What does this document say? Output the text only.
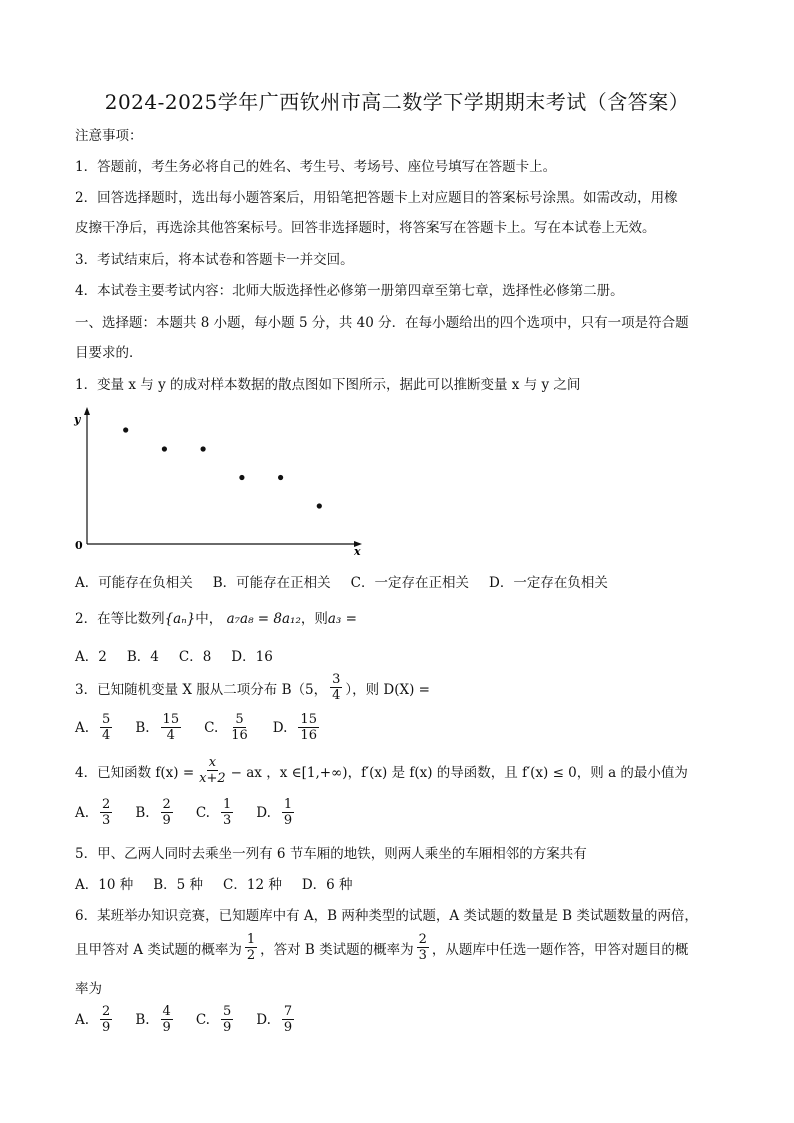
2024-2025学年广西钦州市高二数学下学期期末考试（含答案）
注意事项：
1．答题前，考生务必将自己的姓名、考生号、考场号、座位号填写在答题卡上。
2．回答选择题时，选出每小题答案后，用铅笔把答题卡上对应题目的答案标号涂黑。如需改动，用橡
皮擦干净后，再选涂其他答案标号。回答非选择题时，将答案写在答题卡上。写在本试卷上无效。
3．考试结束后，将本试卷和答题卡一并交回。
4．本试卷主要考试内容：北师大版选择性必修第一册第四章至第七章，选择性必修第二册。
一、选择题：本题共 8 小题，每小题 5 分，共 40 分．在每小题给出的四个选项中，只有一项是符合题
目要求的．
1．变量 x 与 y 的成对样本数据的散点图如下图所示，据此可以推断变量 x 与 y 之间
y
x
0
A．可能存在负相关 B．可能存在正相关 C．一定存在正相关 D．一定存在负相关
2．在等比数列{aₙ}中， a₇a₈ = 8a₁₂，则a₃ =
A．2 B．4 C．8 D．16
3．已知随机变量 X 服从二项分布 B（5， $\frac{3}{4}$ ），则 D(X) =
A. $\frac{5}{4} B$. $\frac{15}{4} C$. $\frac{5}{16} D$. $\frac{15}{16}$
4．已知函数 $f(x) = \frac{x}{x+2}$ − ax ，x ∈[1,+∞)，f′(x) 是 f(x) 的导函数，且 f′(x) ≤ 0，则 a 的最小值为
A. $\frac{2}{3} B$. $\frac{2}{9} C$. $\frac{1}{3} D$. $\frac{1}{9}$
5．甲、乙两人同时去乘坐一列有 6 节车厢的地铁，则两人乘坐的车厢相邻的方案共有
A．10 种 B．5 种 C．12 种 D．6 种
6．某班举办知识竞赛，已知题库中有 A，B 两种类型的试题，A 类试题的数量是 B 类试题数量的两倍，
且甲答对 A 类试题的概率为 $\frac{1}{2}$ ，答对 B 类试题的概率为 $\frac{2}{3}$ ，从题库中任选一题作答，甲答对题目的概
率为
A. $\frac{2}{9} B$. $\frac{4}{9} C$. $\frac{5}{9} D$. $\frac{7}{9}$
